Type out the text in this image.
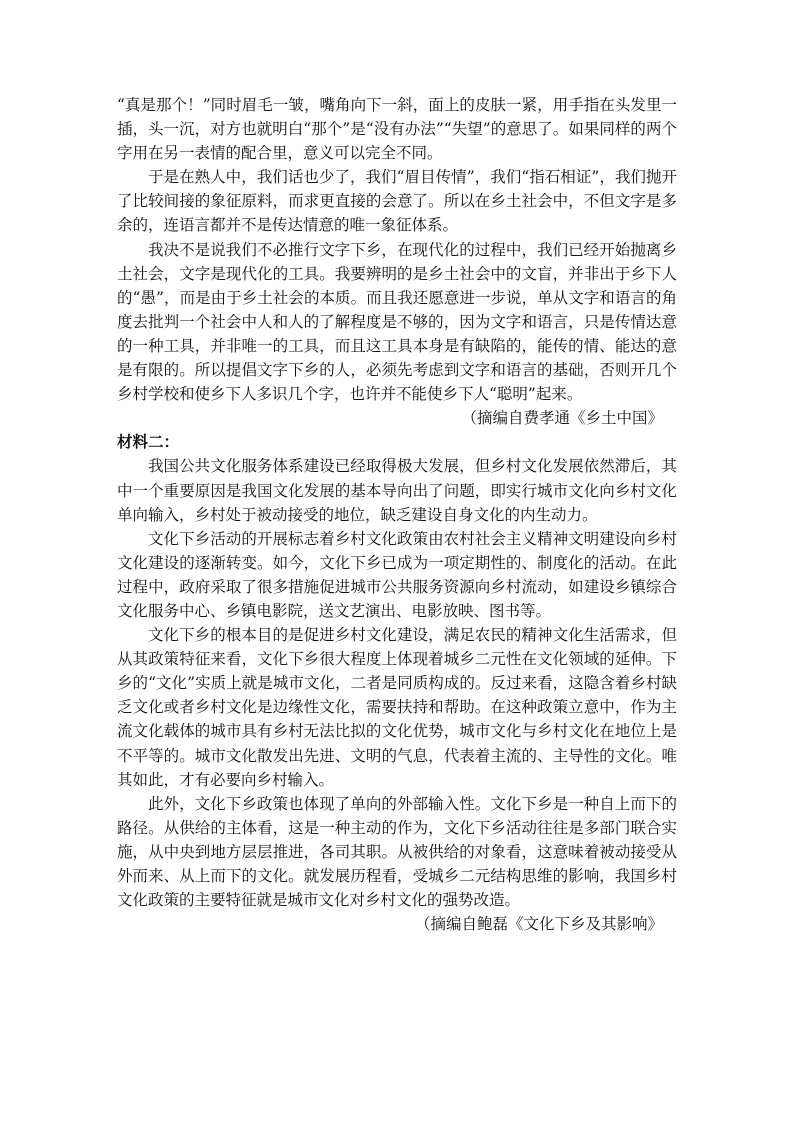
“真是那个！”同时眉毛一皱，嘴角向下一斜，面上的皮肤一紧，用手指在头发里一插，头一沉，对方也就明白“那个”是“没有办法”“失望”的意思了。如果同样的两个字用在另一表情的配合里，意义可以完全不同。

于是在熟人中，我们话也少了，我们“眉目传情”，我们“指石相证”，我们抛开了比较间接的象征原料，而求更直接的会意了。所以在乡土社会中，不但文字是多余的，连语言都并不是传达情意的唯一象征体系。

我决不是说我们不必推行文字下乡，在现代化的过程中，我们已经开始抛离乡土社会，文字是现代化的工具。我要辨明的是乡土社会中的文盲，并非出于乡下人的“愚”，而是由于乡土社会的本质。而且我还愿意进一步说，单从文字和语言的角度去批判一个社会中人和人的了解程度是不够的，因为文字和语言，只是传情达意的一种工具，并非唯一的工具，而且这工具本身是有缺陷的，能传的情、能达的意是有限的。所以提倡文字下乡的人，必须先考虑到文字和语言的基础，否则开几个乡村学校和使乡下人多识几个字，也许并不能使乡下人“聪明”起来。

（摘编自费孝通《乡土中国》

材料二：

我国公共文化服务体系建设已经取得极大发展，但乡村文化发展依然滞后，其中一个重要原因是我国文化发展的基本导向出了问题，即实行城市文化向乡村文化单向输入，乡村处于被动接受的地位，缺乏建设自身文化的内生动力。

文化下乡活动的开展标志着乡村文化政策由农村社会主义精神文明建设向乡村文化建设的逐渐转变。如今，文化下乡已成为一项定期性的、制度化的活动。在此过程中，政府采取了很多措施促进城市公共服务资源向乡村流动，如建设乡镇综合文化服务中心、乡镇电影院，送文艺演出、电影放映、图书等。

文化下乡的根本目的是促进乡村文化建设，满足农民的精神文化生活需求，但从其政策特征来看，文化下乡很大程度上体现着城乡二元性在文化领域的延伸。下乡的“文化”实质上就是城市文化，二者是同质构成的。反过来看，这隐含着乡村缺乏文化或者乡村文化是边缘性文化，需要扶持和帮助。在这种政策立意中，作为主流文化载体的城市具有乡村无法比拟的文化优势，城市文化与乡村文化在地位上是不平等的。城市文化散发出先进、文明的气息，代表着主流的、主导性的文化。唯其如此，才有必要向乡村输入。

此外，文化下乡政策也体现了单向的外部输入性。文化下乡是一种自上而下的路径。从供给的主体看，这是一种主动的作为，文化下乡活动往往是多部门联合实施，从中央到地方层层推进，各司其职。从被供给的对象看，这意味着被动接受从外而来、从上而下的文化。就发展历程看，受城乡二元结构思维的影响，我国乡村文化政策的主要特征就是城市文化对乡村文化的强势改造。

（摘编自鲍磊《文化下乡及其影响》
